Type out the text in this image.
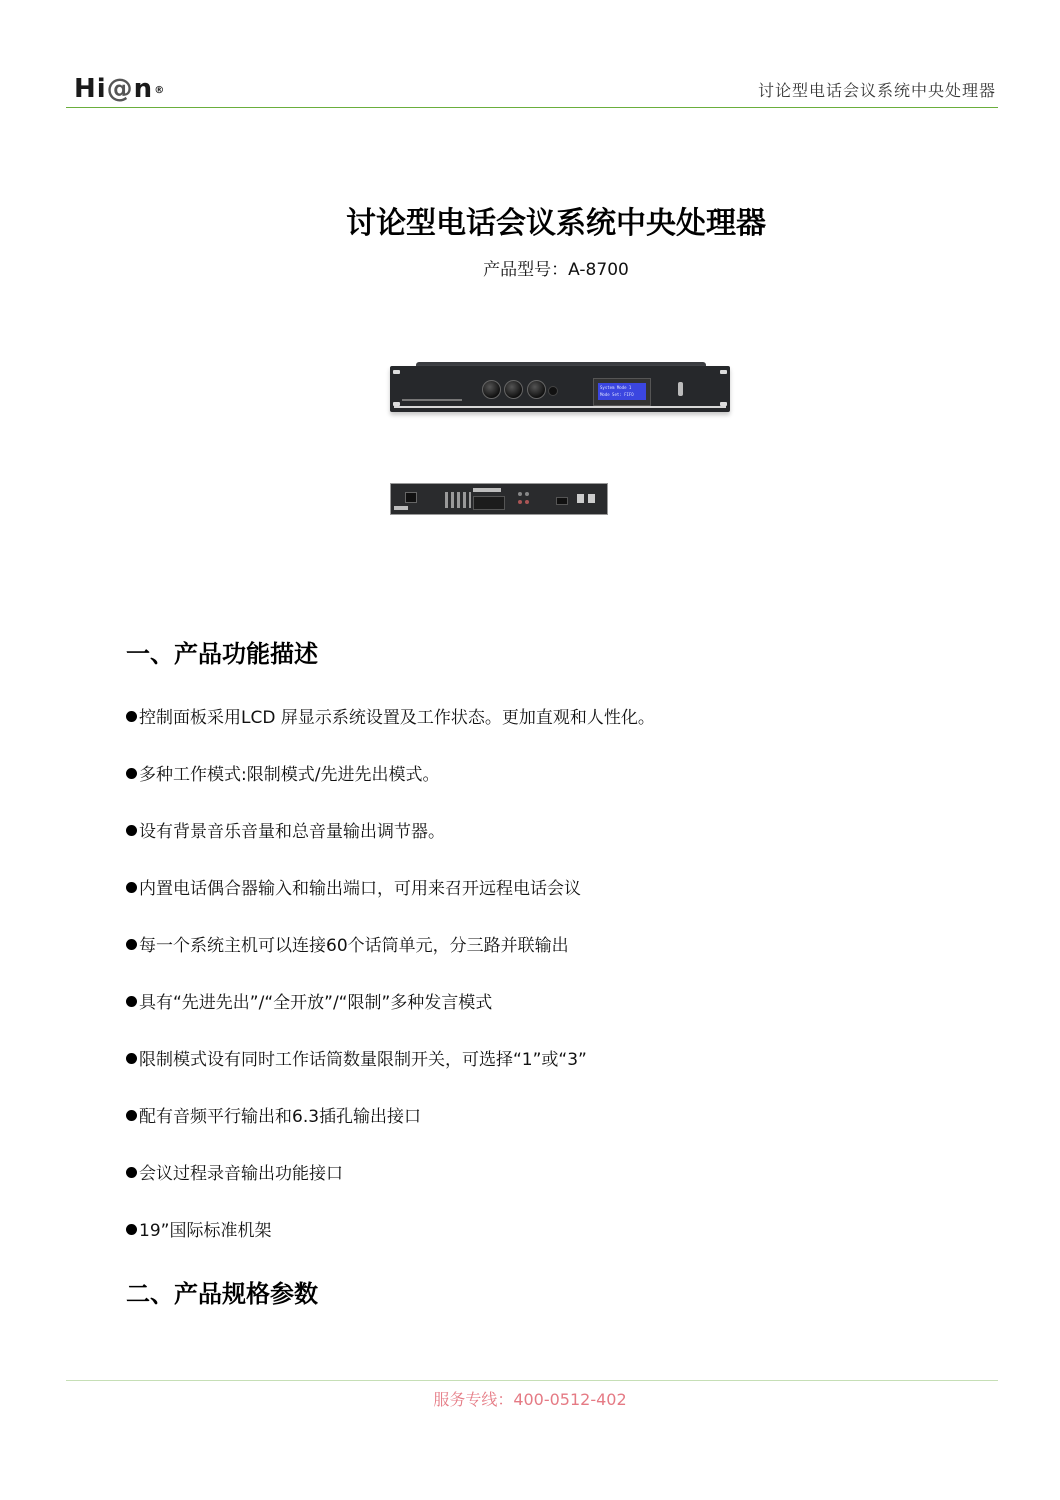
Hi@n®	讨论型电话会议系统中央处理器
讨论型电话会议系统中央处理器
产品型号：A-8700
System Mode 1
Mode Set: FIFO
一、产品功能描述
控制面板采用LCD 屏显示系统设置及工作状态。更加直观和人性化。
多种工作模式:限制模式/先进先出模式。
设有背景音乐音量和总音量输出调节器。
内置电话偶合器输入和输出端口，可用来召开远程电话会议
每一个系统主机可以连接60个话筒单元，分三路并联输出
具有“先进先出”/“全开放”/“限制”多种发言模式
限制模式设有同时工作话筒数量限制开关，可选择“1”或“3”
配有音频平行输出和6.3插孔输出接口
会议过程录音输出功能接口
19”国际标准机架
二、产品规格参数
服务专线：400-0512-402
